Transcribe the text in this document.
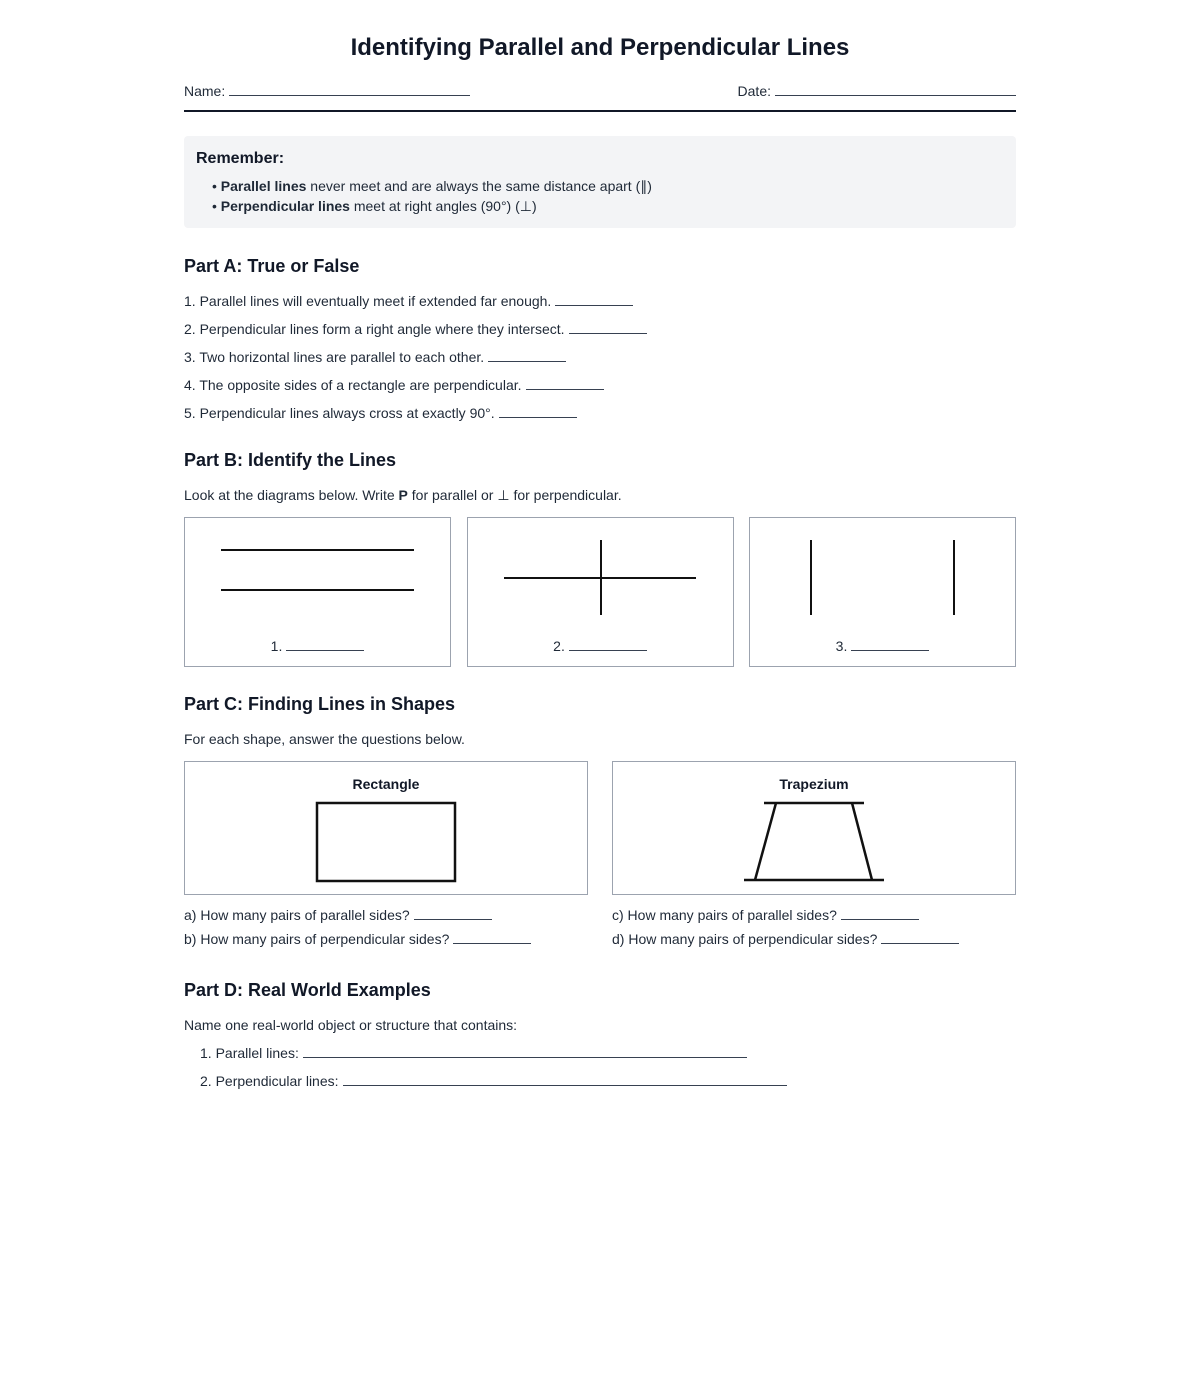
Identifying Parallel and Perpendicular Lines
Name:	Date:
Remember:
• Parallel lines never meet and are always the same distance apart (∥)
• Perpendicular lines meet at right angles (90°) (⊥)
Part A: True or False
1. Parallel lines will eventually meet if extended far enough.
2. Perpendicular lines form a right angle where they intersect.
3. Two horizontal lines are parallel to each other.
4. The opposite sides of a rectangle are perpendicular.
5. Perpendicular lines always cross at exactly 90°.
Part B: Identify the Lines
Look at the diagrams below. Write P for parallel or ⊥ for perpendicular.
1.	2.	3.
Part C: Finding Lines in Shapes
For each shape, answer the questions below.
Rectangle
a) How many pairs of parallel sides?
b) How many pairs of perpendicular sides?
Trapezium
c) How many pairs of parallel sides?
d) How many pairs of perpendicular sides?
Part D: Real World Examples
Name one real-world object or structure that contains:
1. Parallel lines:
2. Perpendicular lines:
